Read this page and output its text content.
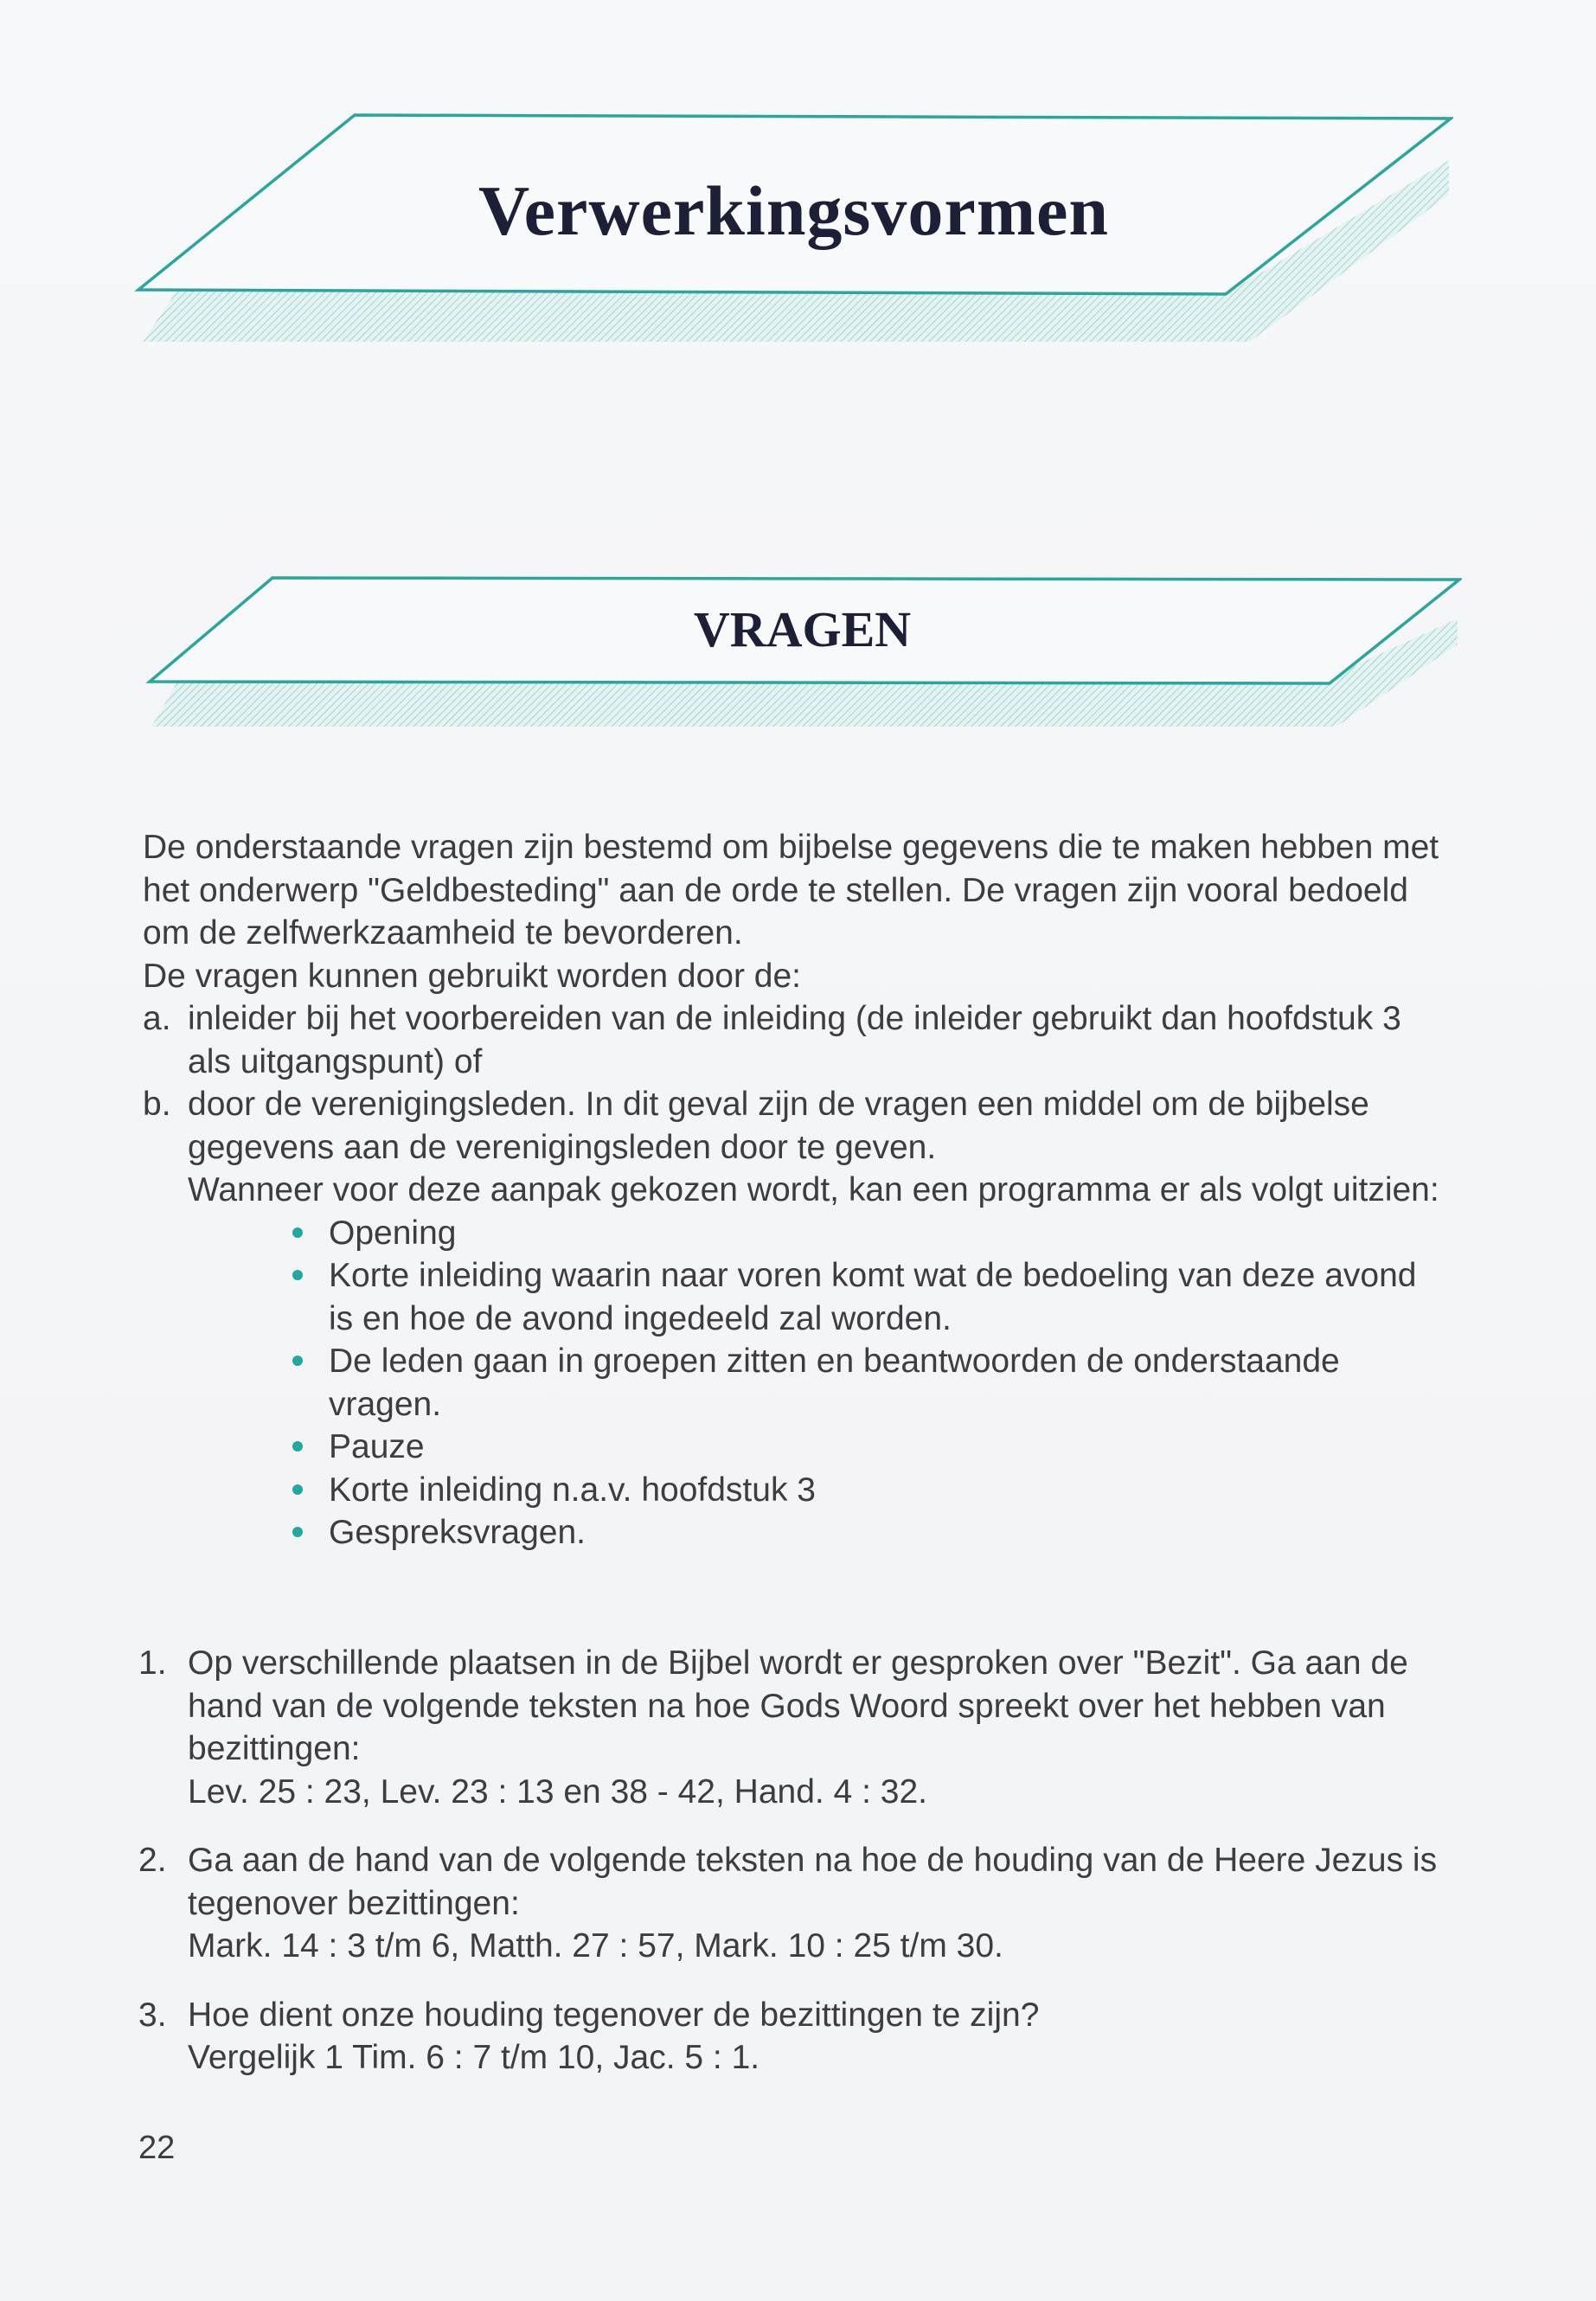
Verwerkingsvormen
VRAGEN

De onderstaande vragen zijn bestemd om bijbelse gegevens die te maken hebben met het onderwerp "Geldbesteding" aan de orde te stellen. De vragen zijn vooral bedoeld om de zelfwerkzaamheid te bevorderen.

De vragen kunnen gebruikt worden door de:

a. inleider bij het voorbereiden van de inleiding (de inleider gebruikt dan hoofdstuk 3 als uitgangspunt) of
b. door de verenigingsleden. In dit geval zijn de vragen een middel om de bijbelse gegevens aan de verenigingsleden door te geven.
Wanneer voor deze aanpak gekozen wordt, kan een programma er als volgt uitzien:
Opening
Korte inleiding waarin naar voren komt wat de bedoeling van deze avond is en hoe de avond ingedeeld zal worden.
De leden gaan in groepen zitten en beantwoorden de onderstaande vragen.
Pauze
Korte inleiding n.a.v. hoofdstuk 3
Gespreksvragen.
1. Op verschillende plaatsen in de Bijbel wordt er gesproken over "Bezit". Ga aan de hand van de volgende teksten na hoe Gods Woord spreekt over het hebben van bezittingen:
Lev. 25 : 23, Lev. 23 : 13 en 38 - 42, Hand. 4 : 32.
2. Ga aan de hand van de volgende teksten na hoe de houding van de Heere Jezus is tegenover bezittingen:
Mark. 14 : 3 t/m 6, Matth. 27 : 57, Mark. 10 : 25 t/m 30.
3. Hoe dient onze houding tegenover de bezittingen te zijn?
Vergelijk 1 Tim. 6 : 7 t/m 10, Jac. 5 : 1.
22
